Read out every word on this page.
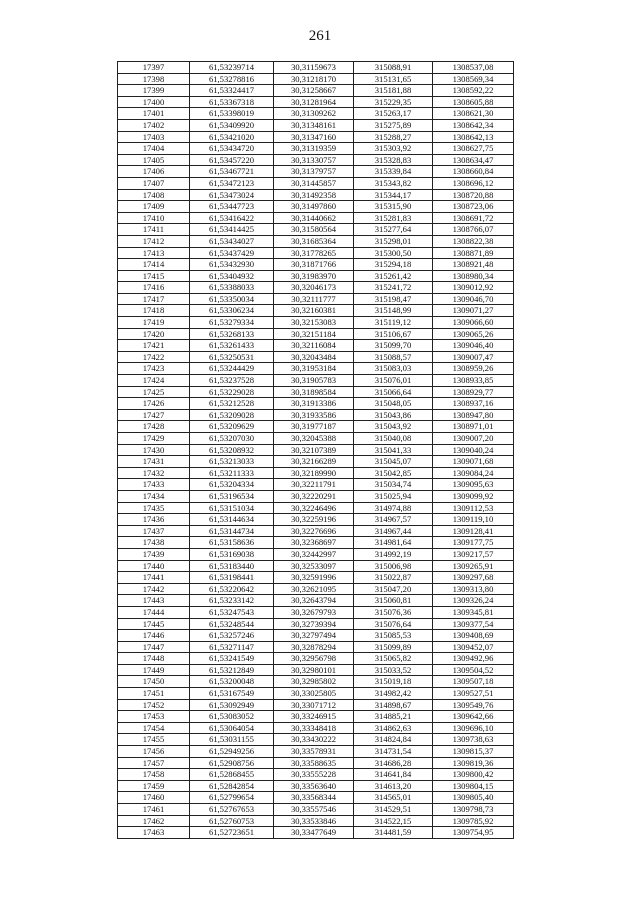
261
17397	61,53239714	30,31159673	315088,91	1308537,08
17398	61,53278816	30,31218170	315131,65	1308569,34
17399	61,53324417	30,31258667	315181,88	1308592,22
17400	61,53367318	30,31281964	315229,35	1308605,88
17401	61,53398019	30,31309262	315263,17	1308621,30
17402	61,53409920	30,31348161	315275,89	1308642,34
17403	61,53421020	30,31347160	315288,27	1308642,13
17404	61,53434720	30,31319359	315303,92	1308627,75
17405	61,53457220	30,31330757	315328,83	1308634,47
17406	61,53467721	30,31379757	315339,84	1308660,84
17407	61,53472123	30,31445857	315343,82	1308696,12
17408	61,53473024	30,31492358	315344,17	1308720,88
17409	61,53447723	30,31497860	315315,90	1308723,06
17410	61,53416422	30,31440662	315281,83	1308691,72
17411	61,53414425	30,31580564	315277,64	1308766,07
17412	61,53434027	30,31685364	315298,01	1308822,38
17413	61,53437429	30,31778265	315300,50	1308871,89
17414	61,53432930	30,31871766	315294,18	1308921,48
17415	61,53404932	30,31983970	315261,42	1308980,34
17416	61,53388033	30,32046173	315241,72	1309012,92
17417	61,53350034	30,32111777	315198,47	1309046,70
17418	61,53306234	30,32160381	315148,99	1309071,27
17419	61,53279334	30,32153083	315119,12	1309066,60
17420	61,53268133	30,32151184	315106,67	1309065,26
17421	61,53261433	30,32116084	315099,70	1309046,40
17422	61,53250531	30,32043484	315088,57	1309007,47
17423	61,53244429	30,31953184	315083,03	1308959,26
17424	61,53237528	30,31905783	315076,01	1308933,85
17425	61,53229028	30,31898584	315066,64	1308929,77
17426	61,53212528	30,31913386	315048,05	1308937,16
17427	61,53209028	30,31933586	315043,86	1308947,80
17428	61,53209629	30,31977187	315043,92	1308971,01
17429	61,53207030	30,32045388	315040,08	1309007,20
17430	61,53208932	30,32107389	315041,33	1309040,24
17431	61,53213033	30,32166289	315045,07	1309071,68
17432	61,53211333	30,32189990	315042,85	1309084,24
17433	61,53204334	30,32211791	315034,74	1309095,63
17434	61,53196534	30,32220291	315025,94	1309099,92
17435	61,53151034	30,32246496	314974,88	1309112,53
17436	61,53144634	30,32259196	314967,57	1309119,10
17437	61,53144734	30,32276696	314967,44	1309128,41
17438	61,53158636	30,32368697	314981,64	1309177,75
17439	61,53169038	30,32442997	314992,19	1309217,57
17440	61,53183440	30,32533097	315006,98	1309265,91
17441	61,53198441	30,32591996	315022,87	1309297,68
17442	61,53220642	30,32621095	315047,20	1309313,80
17443	61,53233142	30,32643794	315060,81	1309326,24
17444	61,53247543	30,32679793	315076,36	1309345,81
17445	61,53248544	30,32739394	315076,64	1309377,54
17446	61,53257246	30,32797494	315085,53	1309408,69
17447	61,53271147	30,32878294	315099,89	1309452,07
17448	61,53241549	30,32956798	315065,82	1309492,96
17449	61,53212849	30,32980101	315033,52	1309504,52
17450	61,53200048	30,32985802	315019,18	1309507,18
17451	61,53167549	30,33025805	314982,42	1309527,51
17452	61,53092949	30,33071712	314898,67	1309549,76
17453	61,53083052	30,33246915	314885,21	1309642,66
17454	61,53064054	30,33348418	314862,63	1309696,10
17455	61,53031155	30,33430222	314824,84	1309738,63
17456	61,52949256	30,33578931	314731,54	1309815,37
17457	61,52908756	30,33588635	314686,28	1309819,36
17458	61,52868455	30,33555228	314641,84	1309800,42
17459	61,52842854	30,33563640	314613,20	1309804,15
17460	61,52799654	30,33568344	314565,01	1309805,40
17461	61,52767653	30,33557546	314529,51	1309798,73
17462	61,52760753	30,33533846	314522,15	1309785,92
17463	61,52723651	30,33477649	314481,59	1309754,95
